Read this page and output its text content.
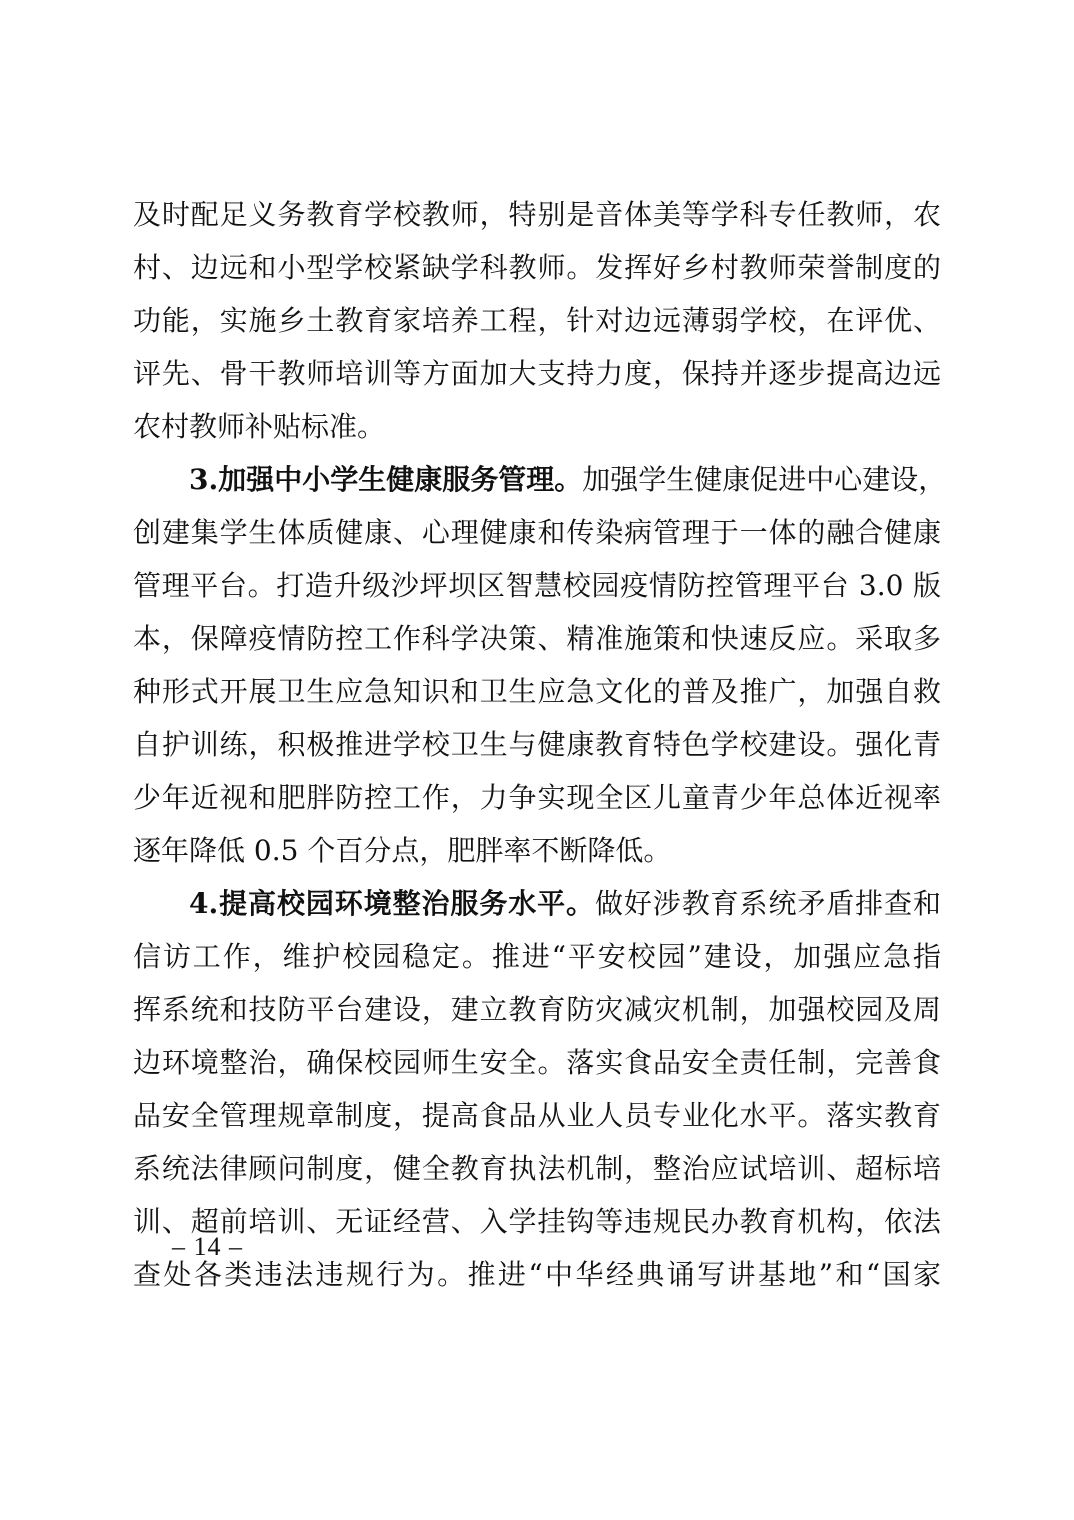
及时配足义务教育学校教师，特别是音体美等学科专任教师，农
村、边远和小型学校紧缺学科教师。发挥好乡村教师荣誉制度的
功能，实施乡土教育家培养工程，针对边远薄弱学校，在评优、
评先、骨干教师培训等方面加大支持力度，保持并逐步提高边远
农村教师补贴标准。
3.加强中小学生健康服务管理。加强学生健康促进中心建设，
创建集学生体质健康、心理健康和传染病管理于一体的融合健康
管理平台。打造升级沙坪坝区智慧校园疫情防控管理平台 3.0 版
本，保障疫情防控工作科学决策、精准施策和快速反应。采取多
种形式开展卫生应急知识和卫生应急文化的普及推广，加强自救
自护训练，积极推进学校卫生与健康教育特色学校建设。强化青
少年近视和肥胖防控工作，力争实现全区儿童青少年总体近视率
逐年降低 0.5 个百分点，肥胖率不断降低。
4.提高校园环境整治服务水平。做好涉教育系统矛盾排查和
信访工作，维护校园稳定。推进“平安校园”建设，加强应急指
挥系统和技防平台建设，建立教育防灾减灾机制，加强校园及周
边环境整治，确保校园师生安全。落实食品安全责任制，完善食
品安全管理规章制度，提高食品从业人员专业化水平。落实教育
系统法律顾问制度，健全教育执法机制，整治应试培训、超标培
训、超前培训、无证经营、入学挂钩等违规民办教育机构，依法
查处各类违法违规行为。推进“中华经典诵写讲基地”和“国家
– 14 –
